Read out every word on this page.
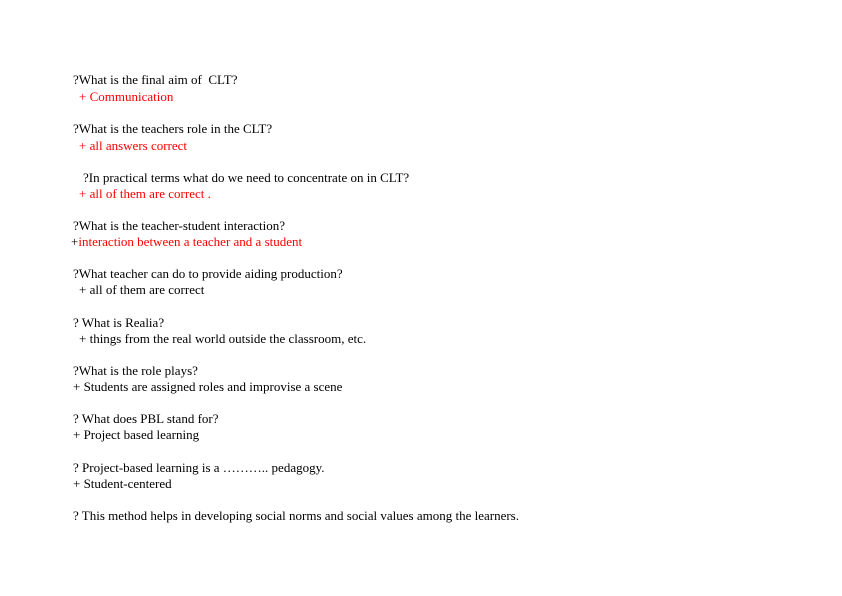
?What is the final aim of  CLT?
+ Communication
?What is the teachers role in the CLT?
+ all answers correct
?In practical terms what do we need to concentrate on in CLT?
+ all of them are correct .
?What is the teacher-student interaction?
+interaction between a teacher and a student
?What teacher can do to provide aiding production?
+ all of them are correct
? What is Realia?
+ things from the real world outside the classroom, etc.
?What is the role plays?
+ Students are assigned roles and improvise a scene
? What does PBL stand for?
+ Project based learning
? Project-based learning is a ……….. pedagogy.
+ Student-centered
? This method helps in developing social norms and social values among the learners.
